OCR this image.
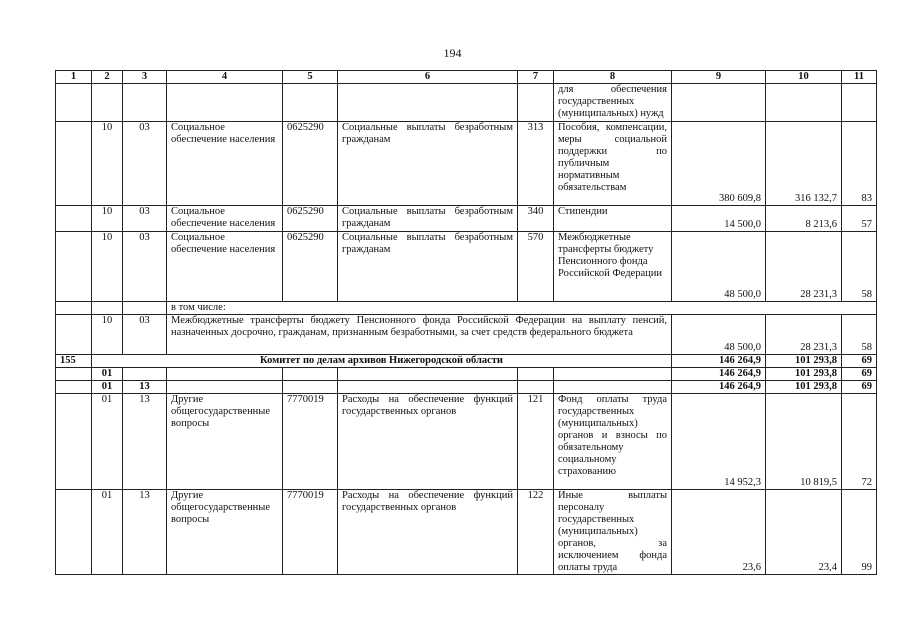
194
1	2	3	4	5	6	7	8	9	10	11
							для обеспечения государственных (муниципальных) нужд			
	10	03	Социальное обеспечение населения	0625290	Социальные выплаты безработным гражданам	313	Пособия, компенсации, меры социальной поддержки по публичным нормативным обязательствам	380 609,8	316 132,7	83
	10	03	Социальное обеспечение населения	0625290	Социальные выплаты безработным гражданам	340	Стипендии	14 500,0	8 213,6	57
	10	03	Социальное обеспечение населения	0625290	Социальные выплаты безработным гражданам	570	Межбюджетные трансферты бюджету Пенсионного фонда Российской Федерации	48 500,0	28 231,3	58
			в том числе:							
	10	03	Межбюджетные трансферты бюджету Пенсионного фонда Российской Федерации на выплату пенсий, назначенных досрочно, гражданам, признанным безработными, за счет средств федерального бюджета					48 500,0	28 231,3	58
155	Комитет по делам архивов Нижегородской области							146 264,9	101 293,8	69
	01							146 264,9	101 293,8	69
	01	13						146 264,9	101 293,8	69
	01	13	Другие общегосударственные вопросы	7770019	Расходы на обеспечение функций государственных органов	121	Фонд оплаты труда государственных (муниципальных) органов и взносы по обязательному социальному страхованию	14 952,3	10 819,5	72
	01	13	Другие общегосударственные вопросы	7770019	Расходы на обеспечение функций государственных органов	122	Иные выплаты персоналу государственных (муниципальных) органов, за исключением фонда оплаты труда	23,6	23,4	99
